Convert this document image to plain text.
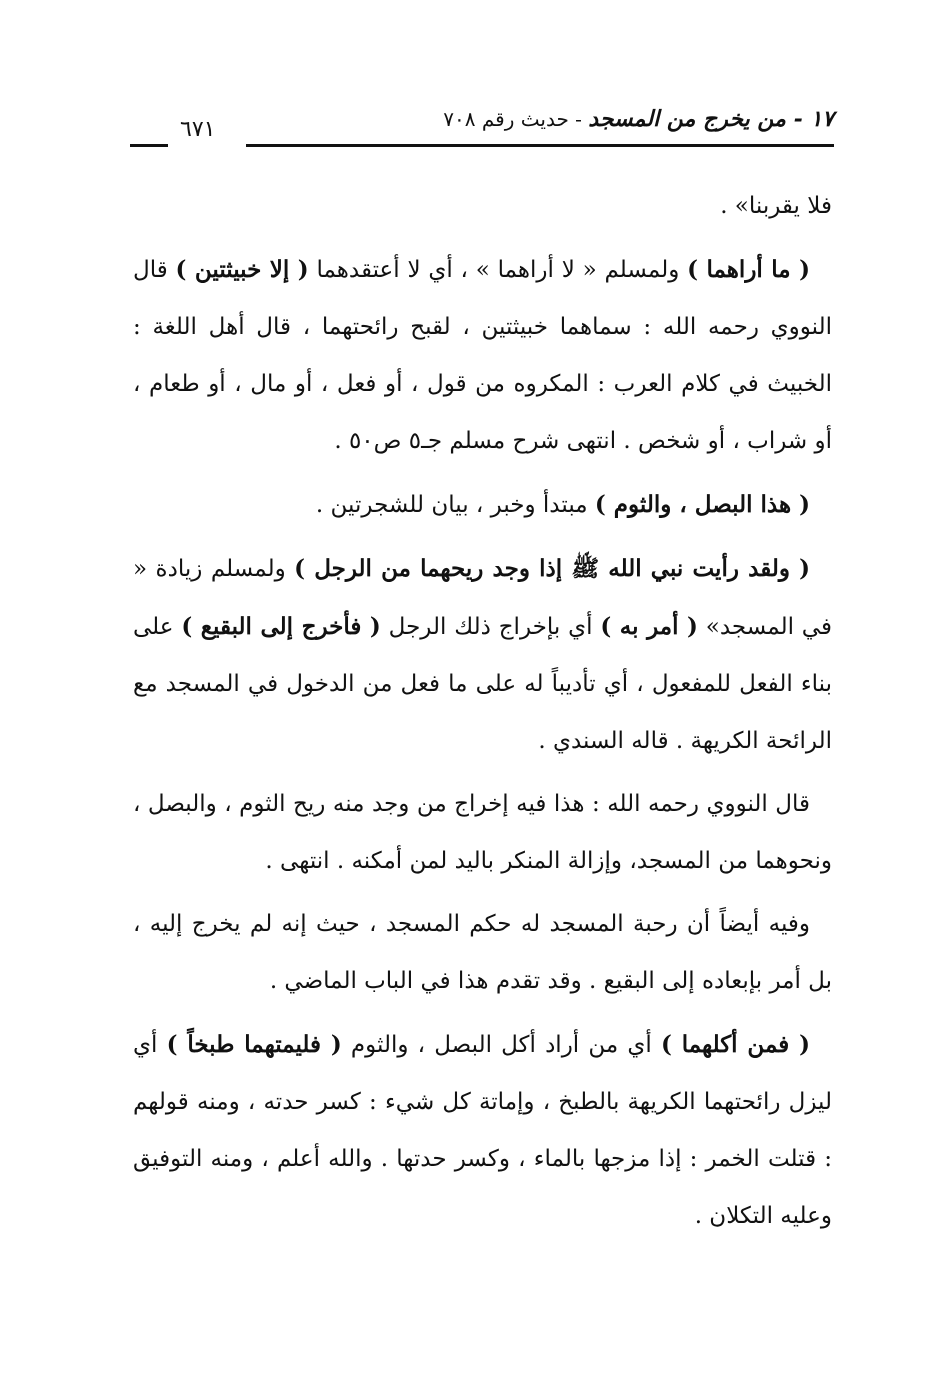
٦٧١	١٧ - من يخرج من المسجد - حديث رقم ٧٠٨

فلا يقربنا» .

( ما أراهما ) ولمسلم « لا أراهما » ، أي لا أعتقدهما ( إلا خبيثتين ) قال النووي رحمه الله : سماهما خبيثتين ، لقبح رائحتهما ، قال أهل اللغة : الخبيث في كلام العرب : المكروه من قول ، أو فعل ، أو مال ، أو طعام ، أو شراب ، أو شخص . انتهى شرح مسلم جـ٥ ص٥٠ .

( هذا البصل ، والثوم ) مبتدأ وخبر ، بيان للشجرتين .

( ولقد رأيت نبي الله ﷺ إذا وجد ريحهما من الرجل ) ولمسلم زيادة « في المسجد» ( أمر به ) أي بإخراج ذلك الرجل ( فأخرج إلى البقيع ) على بناء الفعل للمفعول ، أي تأديباً له على ما فعل من الدخول في المسجد مع الرائحة الكريهة . قاله السندي .

قال النووي رحمه الله : هذا فيه إخراج من وجد منه ريح الثوم ، والبصل ، ونحوهما من المسجد، وإزالة المنكر باليد لمن أمكنه . انتهى .

وفيه أيضاً أن رحبة المسجد له حكم المسجد ، حيث إنه لم يخرج إليه ، بل أمر بإبعاده إلى البقيع . وقد تقدم هذا في الباب الماضي .

( فمن أكلهما ) أي من أراد أكل البصل ، والثوم ( فليمتهما طبخاً ) أي ليزل رائحتهما الكريهة بالطبخ ، وإماتة كل شيء : كسر حدته ، ومنه قولهم : قتلت الخمر : إذا مزجها بالماء ، وكسر حدتها . والله أعلم ، ومنه التوفيق وعليه التكلان .
